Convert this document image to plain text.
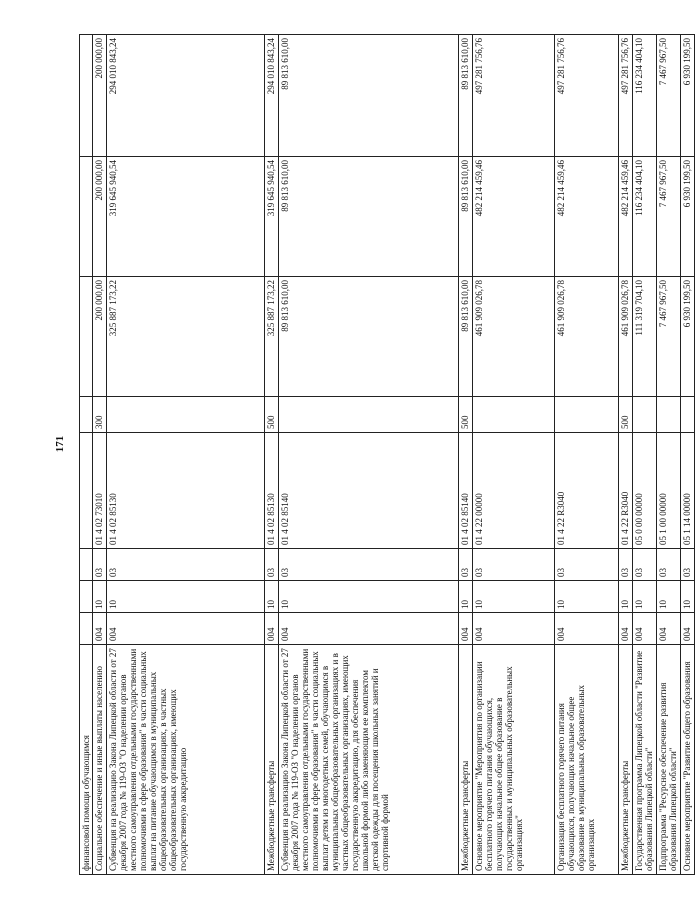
171
финансовой помощи обучающимся								
Социальное обеспечение и иные выплаты населению	004	10	03	01 4 02 73010	300	200 000,00	200 000,00	200 000,00
Субвенция на реализацию Закона Липецкой области от 27 декабря 2007 года № 119-ОЗ "О наделении органов местного самоуправления отдельными государственными полномочиями в сфере образования" в части социальных выплат на питание обучающимся в муниципальных общеобразовательных организациях, в частных общеобразовательных организациях, имеющих государственную аккредитацию	004	10	03	01 4 02 85130		325 887 173,22	319 645 940,54	294 010 843,24
Межбюджетные трансферты	004	10	03	01 4 02 85130	500	325 887 173,22	319 645 940,54	294 010 843,24
Субвенция на реализацию Закона Липецкой области от 27 декабря 2007 года № 119-ОЗ "О наделении органов местного самоуправления отдельными государственными полномочиями в сфере образования" в части социальных выплат детям из многодетных семей, обучающимся в муниципальных общеобразовательных организациях и в частных общеобразовательных организациях, имеющих государственную аккредитацию, для обеспечения школьной формой либо заменяющим ее комплектом детской одежды для посещения школьных занятий и спортивной формой	004	10	03	01 4 02 85140		89 813 610,00	89 813 610,00	89 813 610,00
Межбюджетные трансферты	004	10	03	01 4 02 85140	500	89 813 610,00	89 813 610,00	89 813 610,00
Основное мероприятие "Мероприятия по организации бесплатного горячего питания обучающихся, получающих начальное общее образование в государственных и муниципальных образовательных организациях"	004	10	03	01 4 22 00000		461 909 026,78	482 214 459,46	497 281 756,76
Организация бесплатного горячего питания обучающихся, получающих начальное общее образование в муниципальных образовательных организациях	004	10	03	01 4 22 R3040		461 909 026,78	482 214 459,46	497 281 756,76
Межбюджетные трансферты	004	10	03	01 4 22 R3040	500	461 909 026,78	482 214 459,46	497 281 756,76
Государственная программа Липецкой области "Развитие образования Липецкой области"	004	10	03	05 0 00 00000		111 319 704,10	116 234 404,10	116 234 404,10
Подпрограмма "Ресурсное обеспечение развития образования Липецкой области"	004	10	03	05 1 00 00000		7 467 967,50	7 467 967,50	7 467 967,50
Основное мероприятие "Развитие общего образования	004	10	03	05 1 14 00000		6 930 199,50	6 930 199,50	6 930 199,50
